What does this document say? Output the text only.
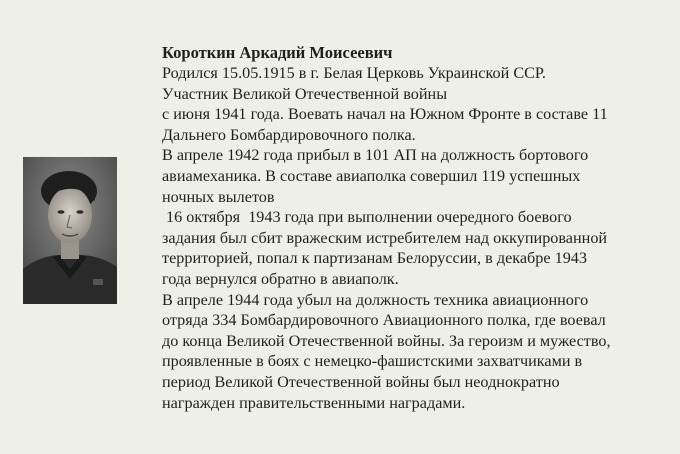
Короткин Аркадий Моисеевич

Родился 15.05.1915 в г. Белая Церковь Украинской ССР.

Участник Великой Отечественной войны

с июня 1941 года. Воевать начал на Южном Фронте в составе 11

Дальнего Бомбардировочного полка.

В апреле 1942 года прибыл в 101 АП на должность бортового

авиамеханика. В составе авиаполка совершил 119 успешных

ночных вылетов

16 октября  1943 года при выполнении очередного боевого

задания был сбит вражеским истребителем над оккупированной

территорией, попал к партизанам Белоруссии, в декабре 1943

года вернулся обратно в авиаполк.

В апреле 1944 года убыл на должность техника авиационного

отряда 334 Бомбардировочного Авиационного полка, где воевал

до конца Великой Отечественной войны. За героизм и мужество,

проявленные в боях с немецко-фашистскими захватчиками в

период Великой Отечественной войны был неоднократно

награжден правительственными наградами.
